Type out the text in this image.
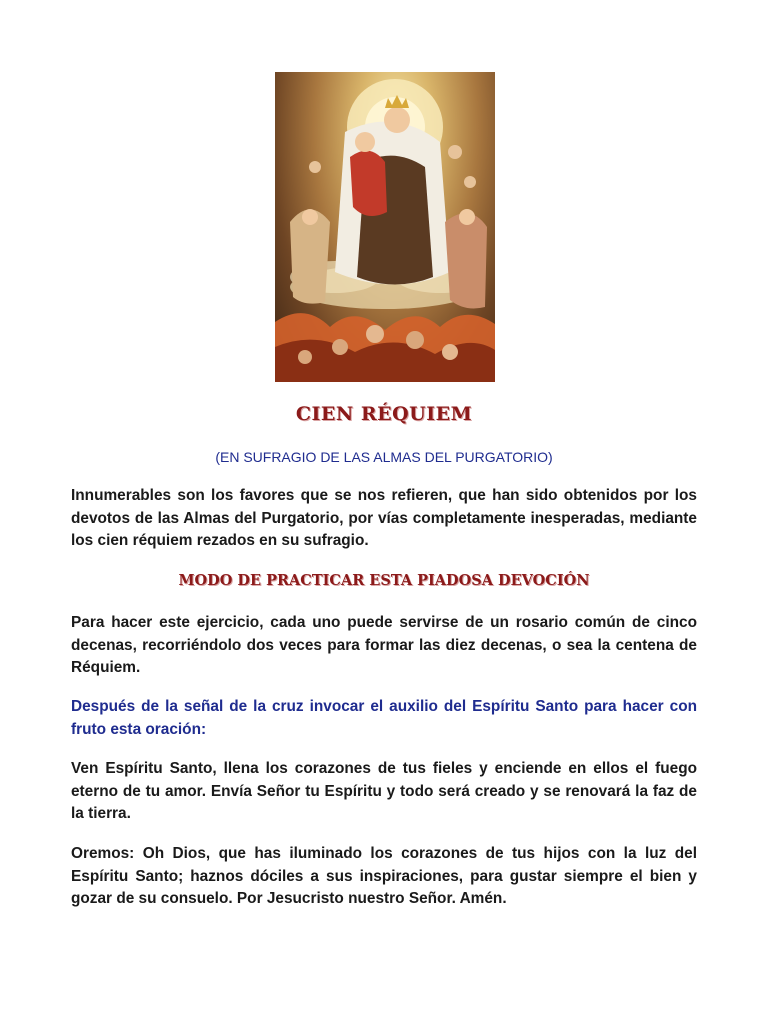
CIEN RÉQUIEM
(EN SUFRAGIO DE LAS ALMAS DEL PURGATORIO)
Innumerables son los favores que se nos refieren, que han sido obtenidos por los devotos de las Almas del Purgatorio, por vías completamente inesperadas, mediante los cien réquiem rezados en su sufragio.
MODO DE PRACTICAR ESTA PIADOSA DEVOCIÓN
Para hacer este ejercicio, cada uno puede servirse de un rosario común de cinco decenas, recorriéndolo dos veces para formar las diez decenas, o sea la centena de Réquiem.
Después de la señal de la cruz invocar el auxilio del Espíritu Santo para hacer con fruto esta oración:
Ven Espíritu Santo, llena los corazones de tus fieles y enciende en ellos el fuego eterno de tu amor. Envía Señor tu Espíritu y todo será creado y se renovará la faz de la tierra.
Oremos: Oh Dios, que has iluminado los corazones de tus hijos con la luz del Espíritu Santo; haznos dóciles a sus inspiraciones, para gustar siempre el bien y gozar de su consuelo. Por Jesucristo nuestro Señor. Amén.
